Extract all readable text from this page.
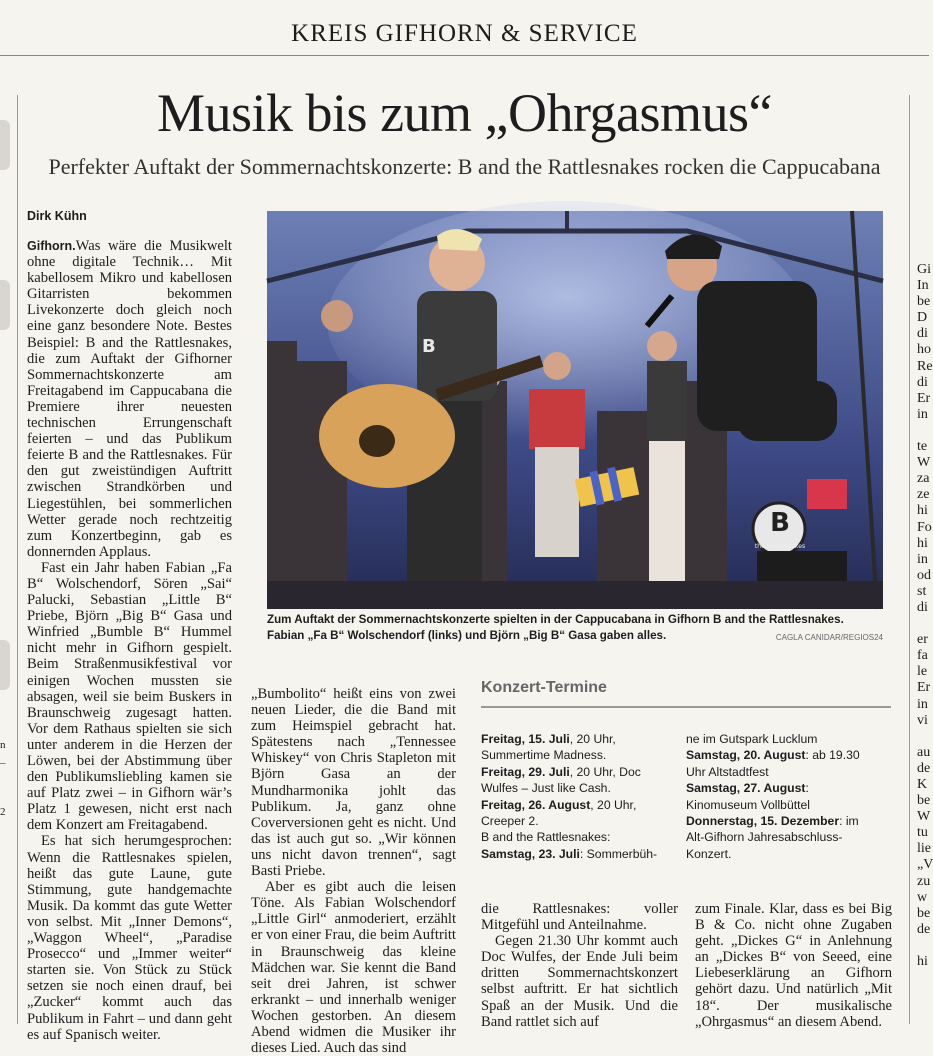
KREIS GIFHORN & SERVICE
Musik bis zum „Ohrgasmus“
Perfekter Auftakt der Sommernachtskonzerte: B and the Rattlesnakes rocken die Cappucabana
n
–
2
Gi
In
be
D
di
ho
Re
di
Er
in

te
W
za
ze
hi
Fo
hi
in
od
st
di

er
fa
le
Er
in
vi

au
de
K
be
W
tu
lie
„V
zu
w
be
de

hi
Dirk Kühn

Gifhorn.Was wäre die Musikwelt ohne digitale Technik… Mit kabellosem Mikro und kabellosen Gitarristen bekommen Livekonzerte doch gleich noch eine ganz besondere Note. Bestes Beispiel: B and the Rattlesnakes, die zum Auftakt der Gifhorner Sommernachtskonzerte am Freitagabend im Cappucabana die Premiere ihrer neuesten technischen Errungenschaft feierten – und das Publikum feierte B and the Rattlesnakes. Für den gut zweistündigen Auftritt zwischen Strandkörben und Liegestühlen, bei sommerlichen Wetter gerade noch rechtzeitig zum Konzertbeginn, gab es donnernden Applaus.

Fast ein Jahr haben Fabian „Fa B“ Wolschendorf, Sören „Sai“ Palucki, Sebastian „Little B“ Priebe, Björn „Big B“ Gasa und Winfried „Bumble B“ Hummel nicht mehr in Gifhorn gespielt. Beim Straßenmusikfestival vor einigen Wochen mussten sie absagen, weil sie beim Buskers in Braunschweig zugesagt hatten. Vor dem Rathaus spielten sie sich unter anderem in die Herzen der Löwen, bei der Abstimmung über den Publikumsliebling kamen sie auf Platz zwei – in Gifhorn wär’s Platz 1 gewesen, nicht erst nach dem Konzert am Freitagabend.

Es hat sich herumgesprochen: Wenn die Rattlesnakes spielen, heißt das gute Laune, gute Stimmung, gute handgemachte Musik. Da kommt das gute Wetter von selbst. Mit „Inner Demons“, „Waggon Wheel“, „Paradise Prosecco“ und „Immer weiter“ starten sie. Von Stück zu Stück setzen sie noch einen drauf, bei „Zucker“ kommt auch das Publikum in Fahrt – und dann geht es auf Spanisch weiter.

B
the Rattlesnakes
B
Zum Auftakt der Sommernachtskonzerte spielten in der Cappucabana in Gifhorn B and the Rattlesnakes. Fabian „Fa B“ Wolschendorf (links) und Björn „Big B“ Gasa gaben alles.	CAGLA CANIDAR/REGIOS24

„Bumbolito“ heißt eins von zwei neuen Lieder, die die Band mit zum Heimspiel gebracht hat. Spätestens nach „Tennessee Whiskey“ von Chris Stapleton mit Björn Gasa an der Mundharmonika johlt das Publikum. Ja, ganz ohne Coverversionen geht es nicht. Und das ist auch gut so. „Wir können uns nicht davon trennen“, sagt Basti Priebe.

Aber es gibt auch die leisen Töne. Als Fabian Wolschendorf „Little Girl“ anmoderiert, erzählt er von einer Frau, die beim Auftritt in Braunschweig das kleine Mädchen war. Sie kennt die Band seit drei Jahren, ist schwer erkrankt – und innerhalb weniger Wochen gestorben. An diesem Abend widmen die Musiker ihr dieses Lied. Auch das sind

Konzert-Termine
Freitag, 15. Juli, 20 Uhr, Summertime Madness.
Freitag, 29. Juli, 20 Uhr, Doc Wulfes – Just like Cash.
Freitag, 26. August, 20 Uhr, Creeper 2.
B and the Rattlesnakes:
Samstag, 23. Juli: Sommerbüh-
ne im Gutspark Lucklum
Samstag, 20. August: ab 19.30 Uhr Altstadtfest
Samstag, 27. August: Kinomuseum Vollbüttel
Donnerstag, 15. Dezember: im Alt-Gifhorn Jahresabschluss-Konzert.

die Rattlesnakes: voller Mitgefühl und Anteilnahme.

Gegen 21.30 Uhr kommt auch Doc Wulfes, der Ende Juli beim dritten Sommernachtskonzert selbst auftritt. Er hat sichtlich Spaß an der Musik. Und die Band rattlet sich auf

zum Finale. Klar, dass es bei Big B & Co. nicht ohne Zugaben geht. „Dickes G“ in Anlehnung an „Dickes B“ von Seeed, eine Liebeserklärung an Gifhorn gehört dazu. Und natürlich „Mit 18“. Der musikalische „Ohrgasmus“ an diesem Abend.
